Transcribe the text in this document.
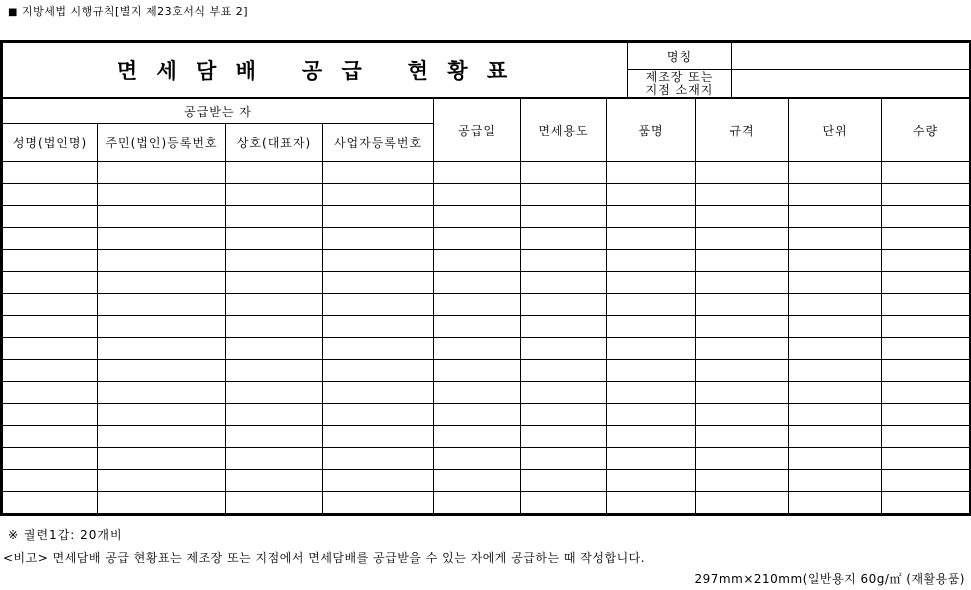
■ 지방세법 시행규칙[별지 제23호서식 부표 2]
면 세 담 배   공 급   현 황 표	명칭	
	제조장 또는
지점 소재지	
공급받는 자				공급일	면세용도	품명	규격	단위	수량
성명(법인명)	주민(법인)등록번호	상호(대표자)	사업자등록번호						

※ 궐련1갑: 20개비
<비고> 면세담배 공급 현황표는 제조장 또는 지점에서 면세담배를 공급받을 수 있는 자에게 공급하는 때 작성합니다.
297mm×210mm(일반용지 60g/㎡ (재활용품)
